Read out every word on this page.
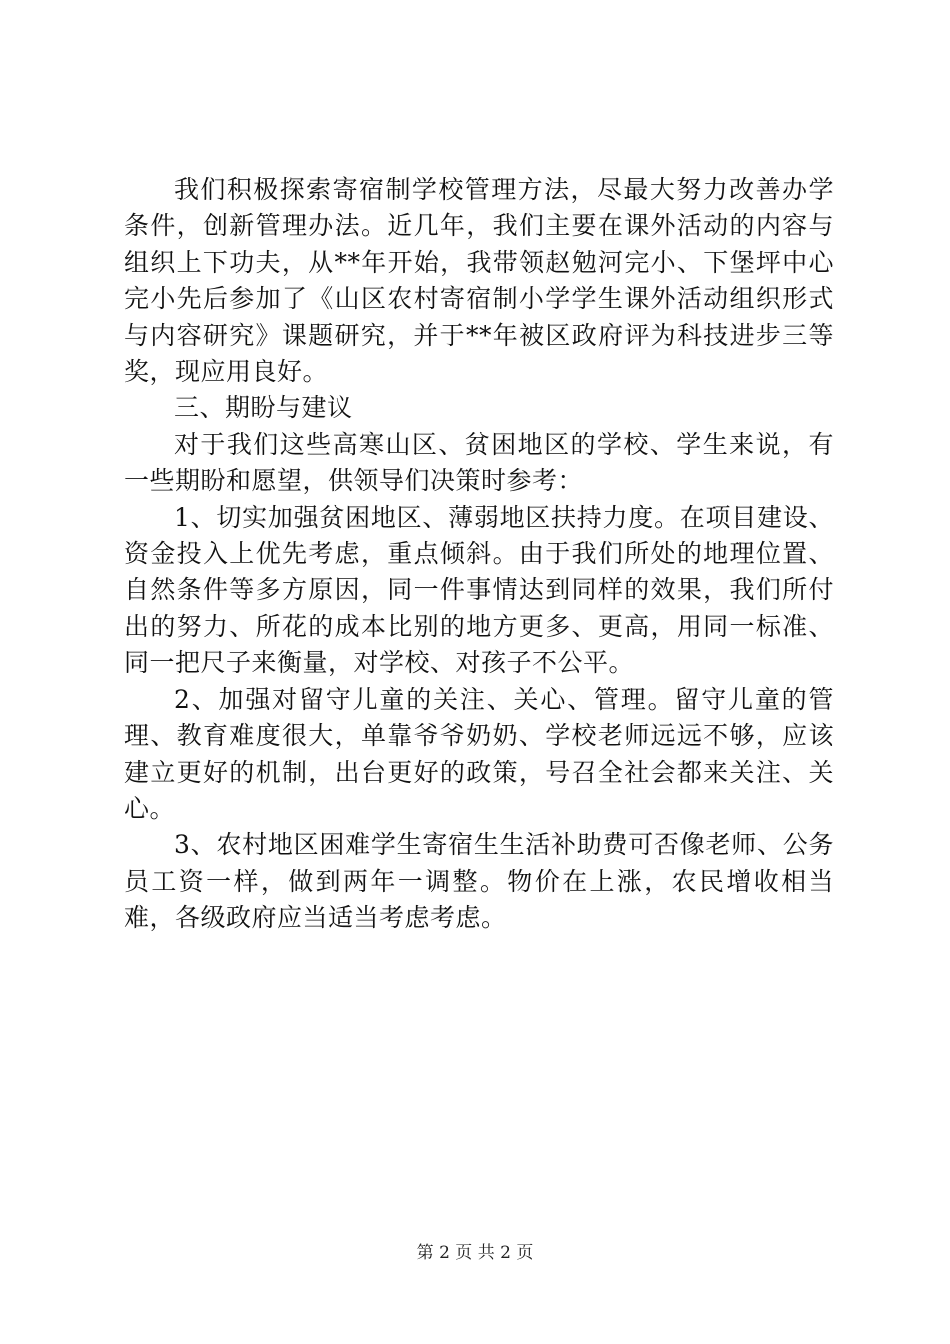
我们积极探索寄宿制学校管理方法，尽最大努力改善办学条件，创新管理办法。近几年，我们主要在课外活动的内容与组织上下功夫，从**年开始，我带领赵勉河完小、下堡坪中心完小先后参加了《山区农村寄宿制小学学生课外活动组织形式与内容研究》课题研究，并于**年被区政府评为科技进步三等奖，现应用良好。

三、期盼与建议

对于我们这些高寒山区、贫困地区的学校、学生来说，有一些期盼和愿望，供领导们决策时参考：

1、切实加强贫困地区、薄弱地区扶持力度。在项目建设、资金投入上优先考虑，重点倾斜。由于我们所处的地理位置、自然条件等多方原因，同一件事情达到同样的效果，我们所付出的努力、所花的成本比别的地方更多、更高，用同一标准、同一把尺子来衡量，对学校、对孩子不公平。

2、加强对留守儿童的关注、关心、管理。留守儿童的管理、教育难度很大，单靠爷爷奶奶、学校老师远远不够，应该建立更好的机制，出台更好的政策，号召全社会都来关注、关心。

3、农村地区困难学生寄宿生生活补助费可否像老师、公务员工资一样，做到两年一调整。物价在上涨，农民增收相当难，各级政府应当适当考虑考虑。

第 2 页 共 2 页
